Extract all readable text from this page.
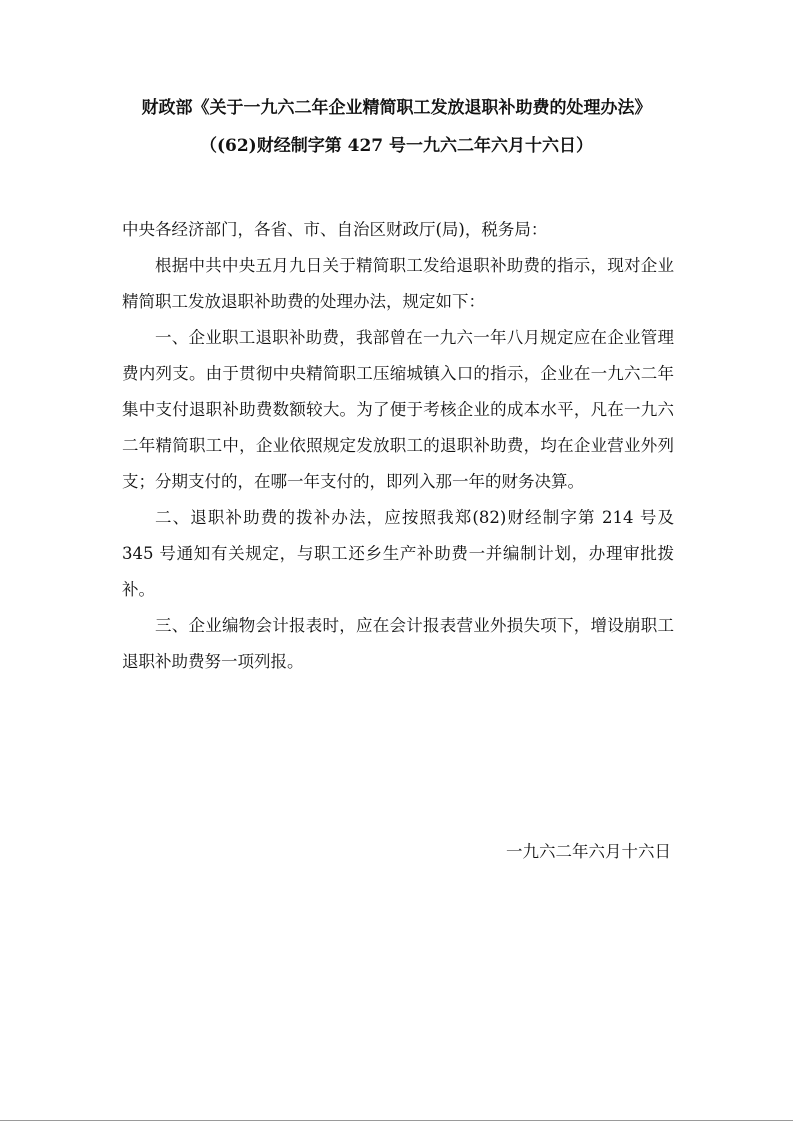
财政部《关于一九六二年企业精简职工发放退职补助费的处理办法》
（(62)财经制字第 427 号一九六二年六月十六日）

中央各经济部门，各省、市、自治区财政厅(局)，税务局：

根据中共中央五月九日关于精简职工发给退职补助费的指示，现对企业精简职工发放退职补助费的处理办法，规定如下：

一、企业职工退职补助费，我部曾在一九六一年八月规定应在企业管理费内列支。由于贯彻中央精简职工压缩城镇入口的指示，企业在一九六二年集中支付退职补助费数额较大。为了便于考核企业的成本水平，凡在一九六二年精简职工中，企业依照规定发放职工的退职补助费，均在企业营业外列支；分期支付的，在哪一年支付的，即列入那一年的财务决算。

二、退职补助费的拨补办法，应按照我郑(82)财经制字第 214 号及 345 号通知有关规定，与职工还乡生产补助费一并编制计划，办理审批拨补。

三、企业编物会计报表时，应在会计报表营业外损失项下，增设崩职工退职补助费努一项列报。

一九六二年六月十六日
